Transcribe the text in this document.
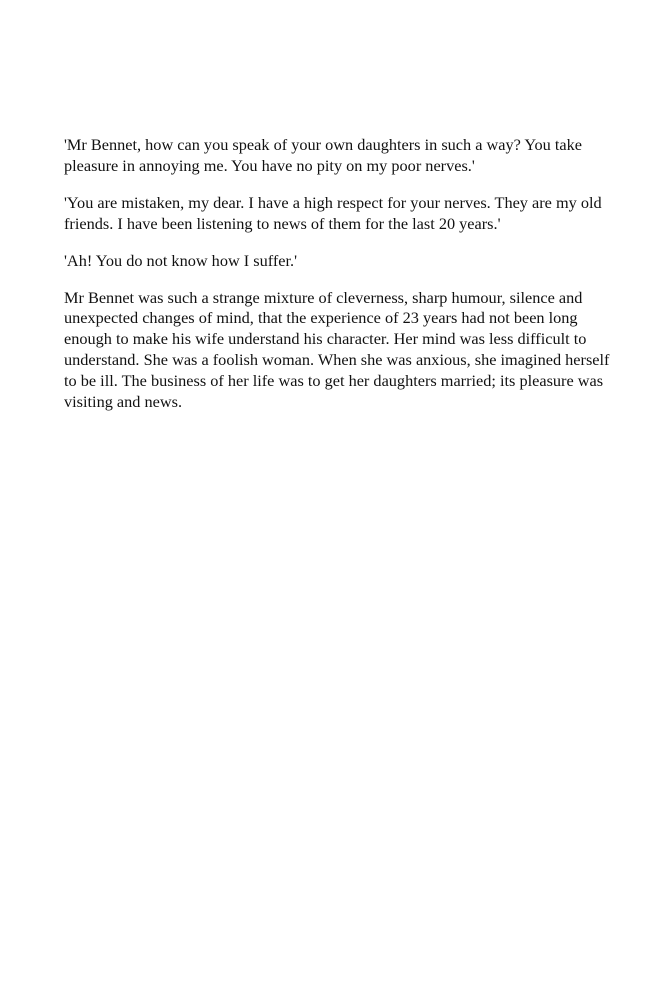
'Mr Bennet, how can you speak of your own daughters in such a way? You take pleasure in annoying me. You have no pity on my poor nerves.'

'You are mistaken, my dear. I have a high respect for your nerves. They are my old friends. I have been listening to news of them for the last 20 years.'

'Ah! You do not know how I suffer.'

Mr Bennet was such a strange mixture of cleverness, sharp humour, silence and unexpected changes of mind, that the experience of 23 years had not been long enough to make his wife understand his character. Her mind was less difficult to understand. She was a foolish woman. When she was anxious, she imagined herself to be ill. The business of her life was to get her daughters married; its pleasure was visiting and news.
